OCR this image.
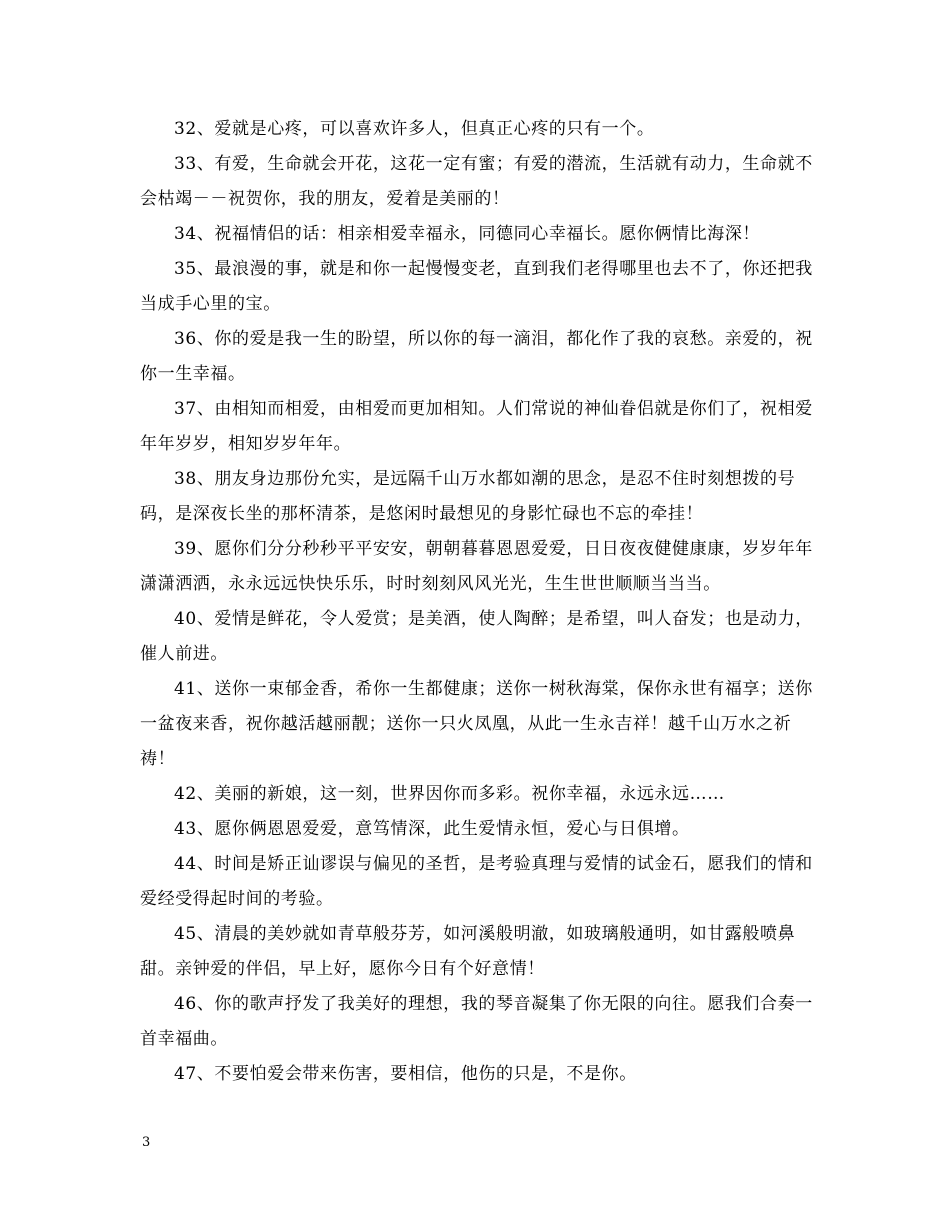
32、爱就是心疼，可以喜欢许多人，但真正心疼的只有一个。

33、有爱，生命就会开花，这花一定有蜜；有爱的潜流，生活就有动力，生命就不会枯竭－－祝贺你，我的朋友，爱着是美丽的！

34、祝福情侣的话：相亲相爱幸福永，同德同心幸福长。愿你俩情比海深！

35、最浪漫的事，就是和你一起慢慢变老，直到我们老得哪里也去不了，你还把我当成手心里的宝。

36、你的爱是我一生的盼望，所以你的每一滴泪，都化作了我的哀愁。亲爱的，祝你一生幸福。

37、由相知而相爱，由相爱而更加相知。人们常说的神仙眷侣就是你们了，祝相爱年年岁岁，相知岁岁年年。

38、朋友身边那份允实，是远隔千山万水都如潮的思念，是忍不住时刻想拨的号码，是深夜长坐的那杯清茶，是悠闲时最想见的身影忙碌也不忘的牵挂！

39、愿你们分分秒秒平平安安，朝朝暮暮恩恩爱爱，日日夜夜健健康康，岁岁年年潇潇洒洒，永永远远快快乐乐，时时刻刻风风光光，生生世世顺顺当当当。

40、爱情是鲜花，令人爱赏；是美酒，使人陶醉；是希望，叫人奋发；也是动力，催人前进。

41、送你一束郁金香，希你一生都健康；送你一树秋海棠，保你永世有福享；送你一盆夜来香，祝你越活越丽靓；送你一只火凤凰，从此一生永吉祥！越千山万水之祈祷！

42、美丽的新娘，这一刻，世界因你而多彩。祝你幸福，永远永远……

43、愿你俩恩恩爱爱，意笃情深，此生爱情永恒，爱心与日俱增。

44、时间是矫正讪谬误与偏见的圣哲，是考验真理与爱情的试金石，愿我们的情和爱经受得起时间的考验。

45、清晨的美妙就如青草般芬芳，如河溪般明澈，如玻璃般通明，如甘露般喷鼻甜。亲钟爱的伴侣，早上好，愿你今日有个好意情！

46、你的歌声抒发了我美好的理想，我的琴音凝集了你无限的向往。愿我们合奏一首幸福曲。

47、不要怕爱会带来伤害，要相信，他伤的只是，不是你。

3
